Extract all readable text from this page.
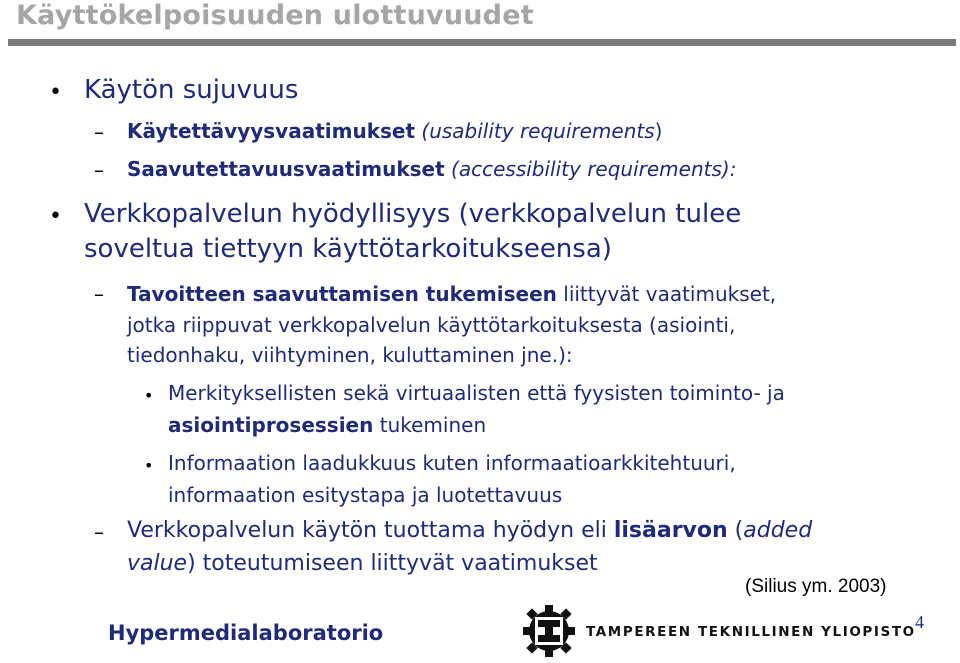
Käyttökelpoisuuden ulottuvuudet
• Käytön sujuvuus
– Käytettävyysvaatimukset (usability requirements)
– Saavutettavuusvaatimukset (accessibility requirements):
• Verkkopalvelun hyödyllisyys (verkkopalvelun tulee
soveltua tiettyyn käyttötarkoitukseensa)
– Tavoitteen saavuttamisen tukemiseen liittyvät vaatimukset,
jotka riippuvat verkkopalvelun käyttötarkoituksesta (asiointi,
tiedonhaku, viihtyminen, kuluttaminen jne.):
• Merkityksellisten sekä virtuaalisten että fyysisten toiminto- ja
asiointiprosessien tukeminen
• Informaation laadukkuus kuten informaatioarkkitehtuuri,
informaation esitystapa ja luotettavuus
– Verkkopalvelun käytön tuottama hyödyn eli lisäarvon (added
value) toteutumiseen liittyvät vaatimukset
(Silius ym. 2003)
Hypermedialaboratorio	TAMPEREEN TEKNILLINEN YLIOPISTO 4
